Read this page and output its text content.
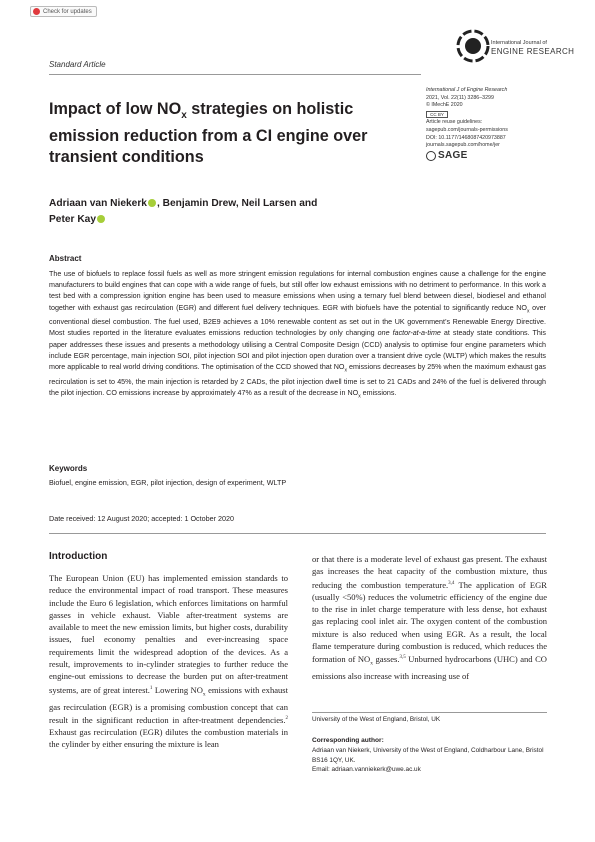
Check for updates
International Journal of
ENGINE RESEARCH
Standard Article
Impact of low $NO_x$ strategies on holistic emission reduction from a CI engine over transient conditions
International J of Engine Research
2021, Vol. 22(11) 3286–3299
© IMechE 2020
CC BY
Article reuse guidelines:
sagepub.com/journals-permissions
DOI: 10.1177/1468087420973887
journals.sagepub.com/home/jer
SAGE
Adriaan van Niekerk , Benjamin Drew, Neil Larsen and
Peter Kay
Abstract

The use of biofuels to replace fossil fuels as well as more stringent emission regulations for internal combustion engines cause a challenge for the engine manufacturers to build engines that can cope with a wide range of fuels, but still offer low exhaust emissions with no detriment to performance. In this work a test bed with a compression ignition engine has been used to measure emissions when using a ternary fuel blend between diesel, biodiesel and ethanol together with exhaust gas recirculation (EGR) and different fuel delivery techniques. EGR with biofuels have the potential to significantly reduce $NO_x$ over conventional diesel combustion. The fuel used, B2E9 achieves a 10% renewable content as set out in the UK government’s Renewable Energy Directive. Most studies reported in the literature evaluates emissions reduction technologies by only changing one factor-at-a-time at steady state conditions. This paper addresses these issues and presents a methodology utilising a Central Composite Design (CCD) analysis to optimise four engine parameters which include EGR percentage, main injection SOI, pilot injection SOI and pilot injection open duration over a transient drive cycle (WLTP) which makes the results more applicable to real world driving conditions. The optimisation of the CCD showed that $NO_x$ emissions decreases by 25% when the maximum exhaust gas recirculation is set to 45%, the main injection is retarded by 2 CADs, the pilot injection dwell time is set to 21 CADs and 24% of the fuel is delivered through the pilot injection. CO emissions increase by approximately 47% as a result of the decrease in $NO_x$ emissions.

Keywords
Biofuel, engine emission, EGR, pilot injection, design of experiment, WLTP
Date received: 12 August 2020; accepted: 1 October 2020
Introduction

The European Union (EU) has implemented emission standards to reduce the environmental impact of road transport. These measures include the Euro 6 legislation, which enforces limitations on harmful gasses in vehicle exhaust. Viable after-treatment systems are available to meet the new emission limits, but higher costs, durability issues, fuel economy penalties and ever-increasing space requirements limit the widespread adoption of the devices. As a result, improvements to in-cylinder strategies to further reduce the engine-out emissions to decrease the burden put on after-treatment systems, are of great interest.$^1$ Lowering $NO_x$ emissions with exhaust gas recirculation (EGR) is a promising combustion concept that can result in the significant reduction in after-treatment dependencies.$^2$ Exhaust gas recirculation (EGR) dilutes the combustion materials in the cylinder by either ensuring the mixture is lean

or that there is a moderate level of exhaust gas present. The exhaust gas increases the heat capacity of the combustion mixture, thus reducing the combustion temperature.$^{3,4}$ The application of EGR (usually <50%) reduces the volumetric efficiency of the engine due to the rise in inlet charge temperature with less dense, hot exhaust gas replacing cool inlet air. The oxygen content of the combustion mixture is also reduced when using EGR. As a result, the local flame temperature during combustion is reduced, which reduces the formation of $NO_x$ gasses.$^{3,5}$ Unburned hydrocarbons (UHC) and CO emissions also increase with increasing use of

University of the West of England, Bristol, UK
Corresponding author:
Adriaan van Niekerk, University of the West of England, Coldharbour Lane, Bristol BS16 1QY, UK.
Email: adriaan.vanniekerk@uwe.ac.uk
